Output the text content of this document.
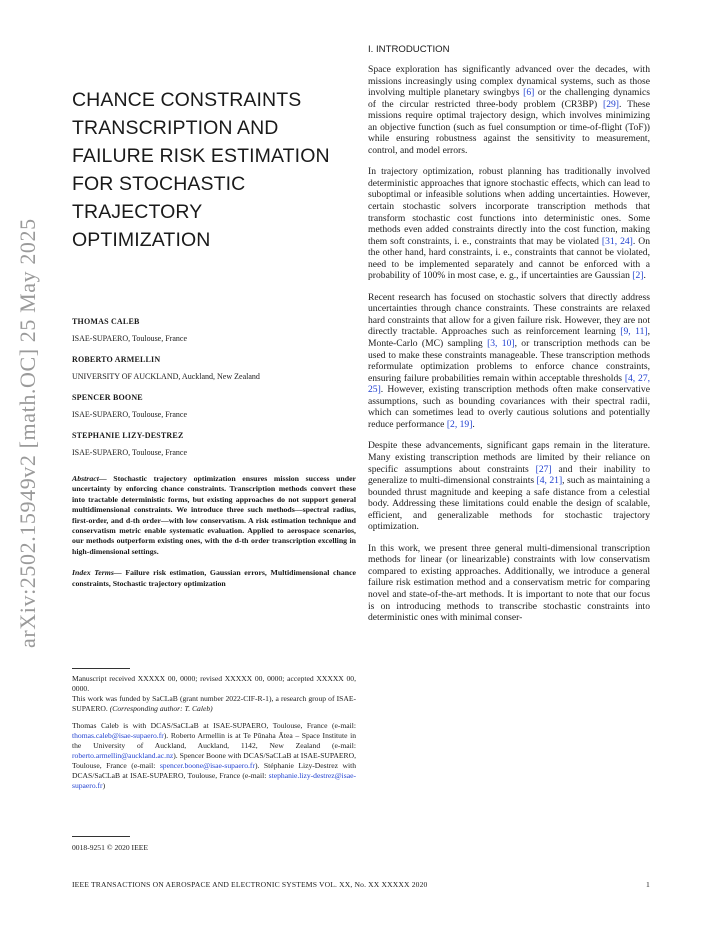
arXiv:2502.15949v2 [math.OC] 25 May 2025
CHANCE CONSTRAINTS
TRANSCRIPTION AND
FAILURE RISK ESTIMATION
FOR STOCHASTIC
TRAJECTORY
OPTIMIZATION
THOMAS CALEB
ISAE-SUPAERO, Toulouse, France
ROBERTO ARMELLIN
UNIVERSITY OF AUCKLAND, Auckland, New Zealand
SPENCER BOONE
ISAE-SUPAERO, Toulouse, France
STEPHANIE LIZY-DESTREZ
ISAE-SUPAERO, Toulouse, France
Abstract— Stochastic trajectory optimization ensures mission success under uncertainty by enforcing chance constraints. Transcription methods convert these into tractable deterministic forms, but existing approaches do not support general multidimensional constraints. We introduce three such methods—spectral radius, first-order, and d-th order—with low conservatism. A risk estimation technique and conservatism metric enable systematic evaluation. Applied to aerospace scenarios, our methods outperform existing ones, with the d-th order transcription excelling in high-dimensional settings.
Index Terms— Failure risk estimation, Gaussian errors, Multidimensional chance constraints, Stochastic trajectory optimization

Manuscript received XXXXX 00, 0000; revised XXXXX 00, 0000; accepted XXXXX 00, 0000.

This work was funded by SaCLaB (grant number 2022-CIF-R-1), a research group of ISAE-SUPAERO. (Corresponding author: T. Caleb)

Thomas Caleb is with DCAS/SaCLaB at ISAE-SUPAERO, Toulouse, France (e-mail: thomas.caleb@isae-supaero.fr). Roberto Armellin is at Te Pūnaha Ātea – Space Institute in the University of Auckland, Auckland, 1142, New Zealand (e-mail: roberto.armellin@auckland.ac.nz). Spencer Boone with DCAS/SaCLaB at ISAE-SUPAERO, Toulouse, France (e-mail: spencer.boone@isae-supaero.fr). Stéphanie Lizy-Destrez with DCAS/SaCLaB at ISAE-SUPAERO, Toulouse, France (e-mail: stephanie.lizy-destrez@isae-supaero.fr)

0018-9251 © 2020 IEEE
I. INTRODUCTION

Space exploration has significantly advanced over the decades, with missions increasingly using complex dynamical systems, such as those involving multiple planetary swingbys [6] or the challenging dynamics of the circular restricted three-body problem (CR3BP) [29]. These missions require optimal trajectory design, which involves minimizing an objective function (such as fuel consumption or time-of-flight (ToF)) while ensuring robustness against the sensitivity to measurement, control, and model errors.

In trajectory optimization, robust planning has traditionally involved deterministic approaches that ignore stochastic effects, which can lead to suboptimal or infeasible solutions when adding uncertainties. However, certain stochastic solvers incorporate transcription methods that transform stochastic cost functions into deterministic ones. Some methods even added constraints directly into the cost function, making them soft constraints, i. e., constraints that may be violated [31, 24]. On the other hand, hard constraints, i. e., constraints that cannot be violated, need to be implemented separately and cannot be enforced with a probability of 100% in most case, e. g., if uncertainties are Gaussian [2].

Recent research has focused on stochastic solvers that directly address uncertainties through chance constraints. These constraints are relaxed hard constraints that allow for a given failure risk. However, they are not directly tractable. Approaches such as reinforcement learning [9, 11], Monte-Carlo (MC) sampling [3, 10], or transcription methods can be used to make these constraints manageable. These transcription methods reformulate optimization problems to enforce chance constraints, ensuring failure probabilities remain within acceptable thresholds [4, 27, 25]. However, existing transcription methods often make conservative assumptions, such as bounding covariances with their spectral radii, which can sometimes lead to overly cautious solutions and potentially reduce performance [2, 19].

Despite these advancements, significant gaps remain in the literature. Many existing transcription methods are limited by their reliance on specific assumptions about constraints [27] and their inability to generalize to multi-dimensional constraints [4, 21], such as maintaining a bounded thrust magnitude and keeping a safe distance from a celestial body. Addressing these limitations could enable the design of scalable, efficient, and generalizable methods for stochastic trajectory optimization.

In this work, we present three general multi-dimensional transcription methods for linear (or linearizable) constraints with low conservatism compared to existing approaches. Additionally, we introduce a general failure risk estimation method and a conservatism metric for comparing novel and state-of-the-art methods. It is important to note that our focus is on introducing methods to transcribe stochastic constraints into deterministic ones with minimal conser-

IEEE TRANSACTIONS ON AEROSPACE AND ELECTRONIC SYSTEMS VOL. XX, No. XX XXXXX 2020	1
